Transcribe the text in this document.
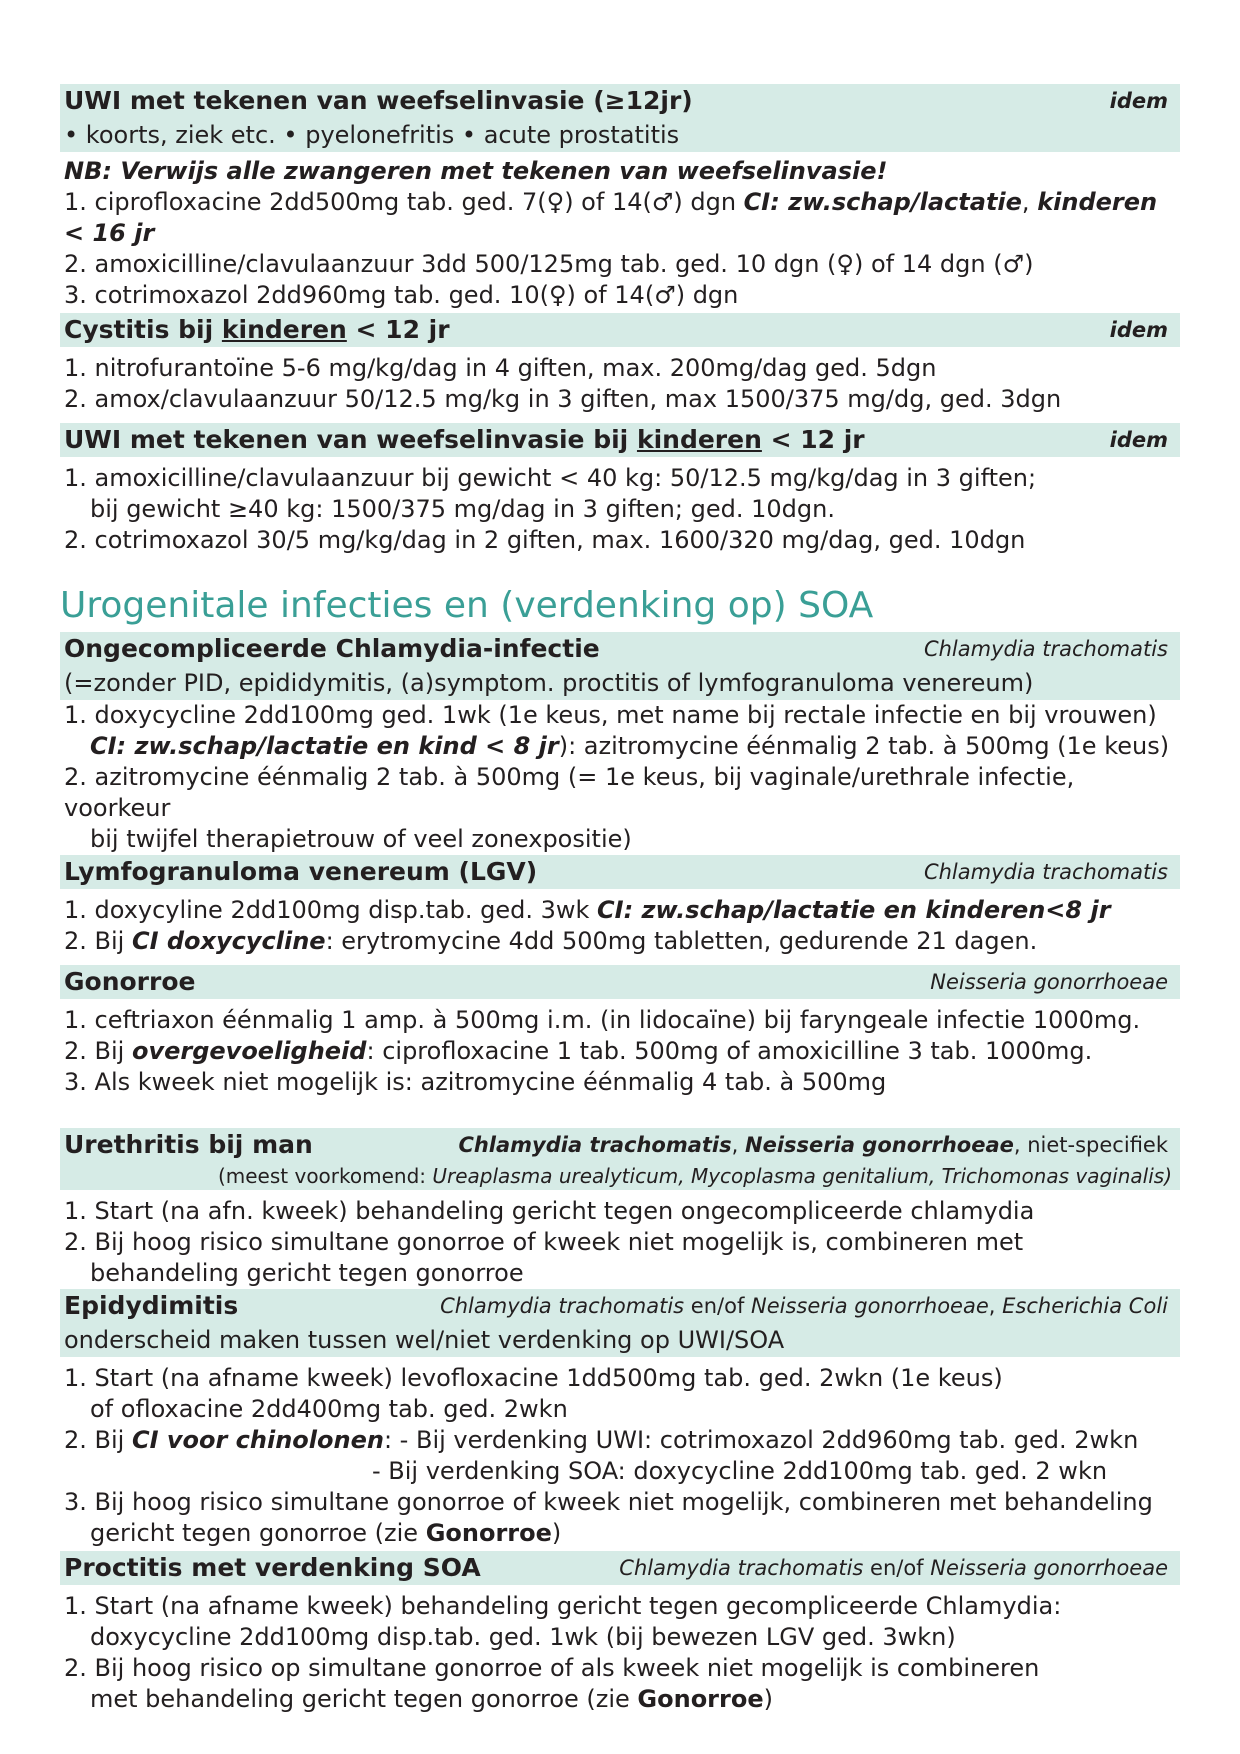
UWI met tekenen van weefselinvasie (≥12jr)	idem
• koorts, ziek etc. • pyelonefritis • acute prostatitis
NB: Verwijs alle zwangeren met tekenen van weefselinvasie!
1. ciprofloxacine 2dd500mg tab. ged. 7(♀) of 14(♂) dgn CI: zw.schap/lactatie, kinderen < 16 jr
2. amoxicilline/clavulaanzuur 3dd 500/125mg tab. ged. 10 dgn (♀) of 14 dgn (♂)
3. cotrimoxazol 2dd960mg tab. ged. 10(♀) of 14(♂) dgn
Cystitis bij kinderen < 12 jr	idem
1. nitrofurantoïne 5-6 mg/kg/dag in 4 giften, max. 200mg/dag ged. 5dgn
2. amox/clavulaanzuur 50/12.5 mg/kg in 3 giften, max 1500/375 mg/dg, ged. 3dgn
UWI met tekenen van weefselinvasie bij kinderen < 12 jr	idem
1. amoxicilline/clavulaanzuur bij gewicht < 40 kg: 50/12.5 mg/kg/dag in 3 giften;
bij gewicht ≥40 kg: 1500/375 mg/dag in 3 giften; ged. 10dgn.
2. cotrimoxazol 30/5 mg/kg/dag in 2 giften, max. 1600/320 mg/dag, ged. 10dgn
Urogenitale infecties en (verdenking op) SOA
Ongecompliceerde Chlamydia-infectie	Chlamydia trachomatis
(=zonder PID, epididymitis, (a)symptom. proctitis of lymfogranuloma venereum)
1. doxycycline 2dd100mg ged. 1wk (1e keus, met name bij rectale infectie en bij vrouwen)
CI: zw.schap/lactatie en kind < 8 jr): azitromycine éénmalig 2 tab. à 500mg (1e keus)
2. azitromycine éénmalig 2 tab. à 500mg (= 1e keus, bij vaginale/urethrale infectie, voorkeur
bij twijfel therapietrouw of veel zonexpositie)
Lymfogranuloma venereum (LGV)	Chlamydia trachomatis
1. doxycyline 2dd100mg disp.tab. ged. 3wk CI: zw.schap/lactatie en kinderen<8 jr
2. Bij CI doxycycline: erytromycine 4dd 500mg tabletten, gedurende 21 dagen.
Gonorroe	Neisseria gonorrhoeae
1. ceftriaxon éénmalig 1 amp. à 500mg i.m. (in lidocaïne) bij faryngeale infectie 1000mg.
2. Bij overgevoeligheid: ciprofloxacine 1 tab. 500mg of amoxicilline 3 tab. 1000mg.
3. Als kweek niet mogelijk is: azitromycine éénmalig 4 tab. à 500mg
Urethritis bij man	Chlamydia trachomatis, Neisseria gonorrhoeae, niet-specifiek
(meest voorkomend: Ureaplasma urealyticum, Mycoplasma genitalium, Trichomonas vaginalis)
1. Start (na afn. kweek) behandeling gericht tegen ongecompliceerde chlamydia
2. Bij hoog risico simultane gonorroe of kweek niet mogelijk is, combineren met
behandeling gericht tegen gonorroe
Epidydimitis	Chlamydia trachomatis en/of Neisseria gonorrhoeae, Escherichia Coli
onderscheid maken tussen wel/niet verdenking op UWI/SOA
1. Start (na afname kweek) levofloxacine 1dd500mg tab. ged. 2wkn (1e keus)
of ofloxacine 2dd400mg tab. ged. 2wkn
2. Bij CI voor chinolonen: - Bij verdenking UWI: cotrimoxazol 2dd960mg tab. ged. 2wkn
- Bij verdenking SOA: doxycycline 2dd100mg tab. ged. 2 wkn
3. Bij hoog risico simultane gonorroe of kweek niet mogelijk, combineren met behandeling
gericht tegen gonorroe (zie Gonorroe)
Proctitis met verdenking SOA	Chlamydia trachomatis en/of Neisseria gonorrhoeae
1. Start (na afname kweek) behandeling gericht tegen gecompliceerde Chlamydia:
doxycycline 2dd100mg disp.tab. ged. 1wk (bij bewezen LGV ged. 3wkn)
2. Bij hoog risico op simultane gonorroe of als kweek niet mogelijk is combineren
met behandeling gericht tegen gonorroe (zie Gonorroe)
